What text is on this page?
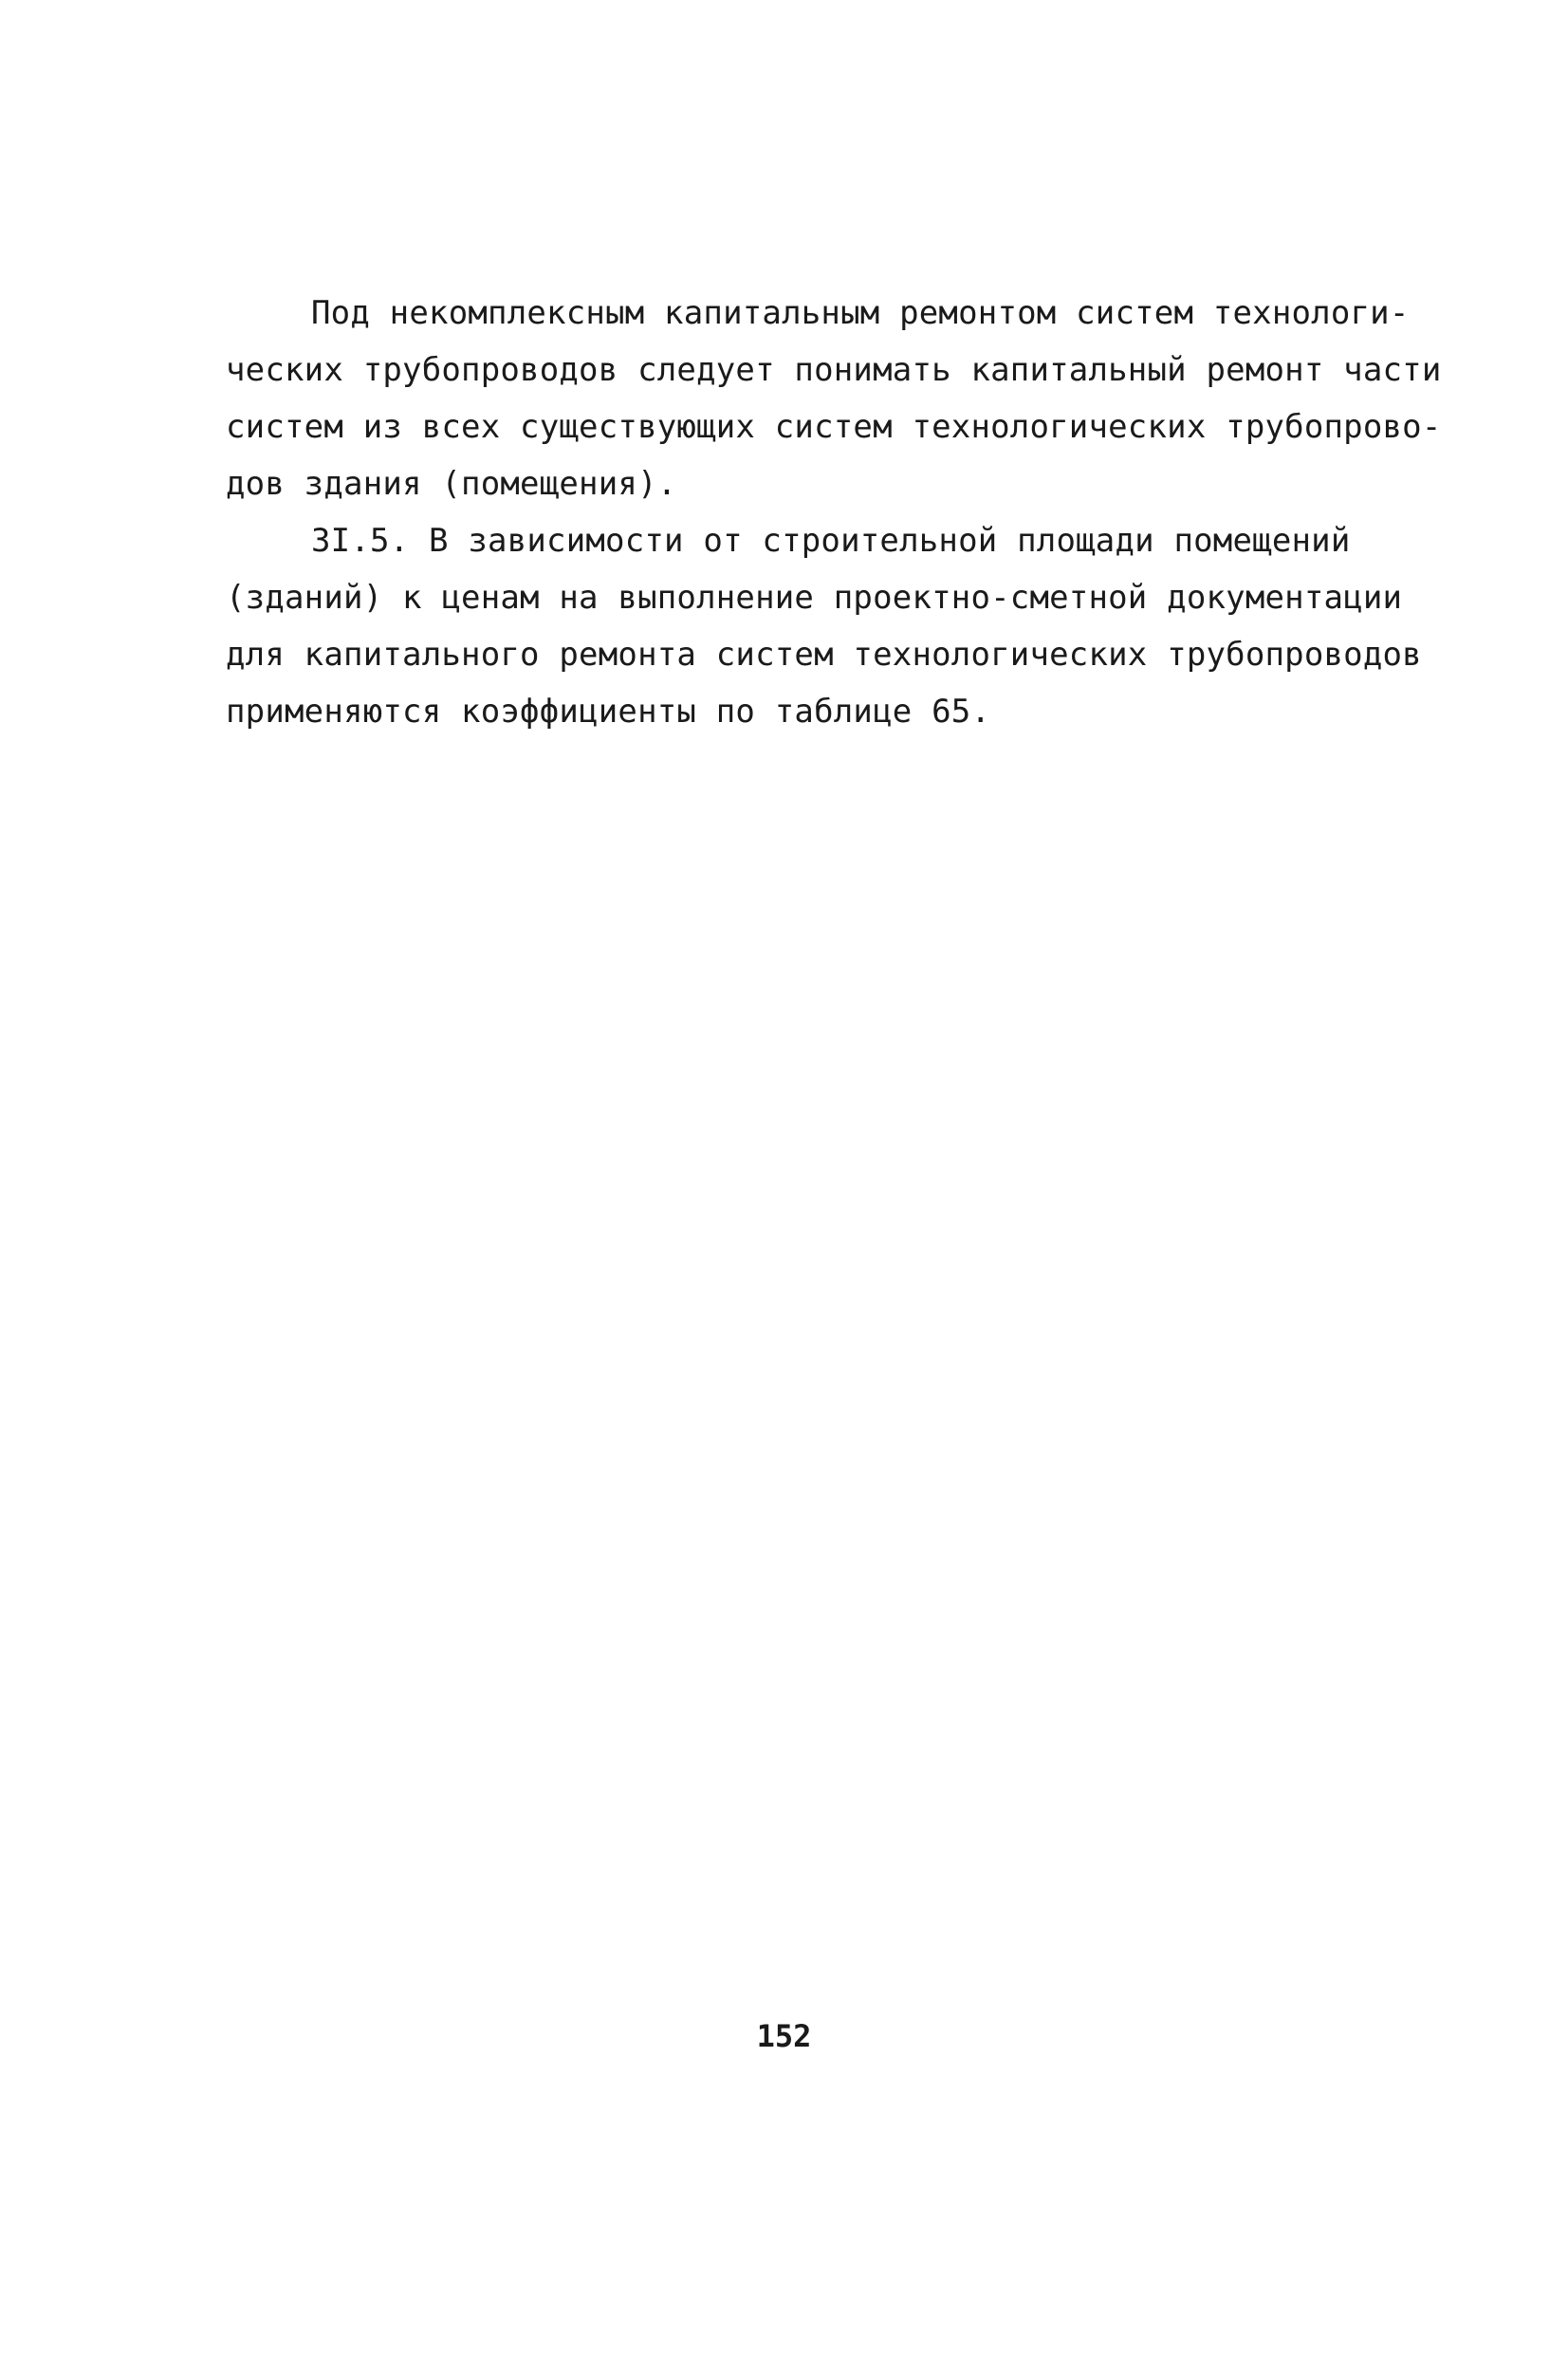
Под некомплексным капитальным ремонтом систем технологи-
ческих трубопроводов следует понимать капитальный ремонт части
систем из всех существующих систем технологических трубопрово-
дов здания (помещения).
3I.5. В зависимости от строительной площади помещений
(зданий) к ценам на выполнение проектно-сметной документации
для капитального ремонта систем технологических трубопроводов
применяются коэффициенты по таблице 65.
152
